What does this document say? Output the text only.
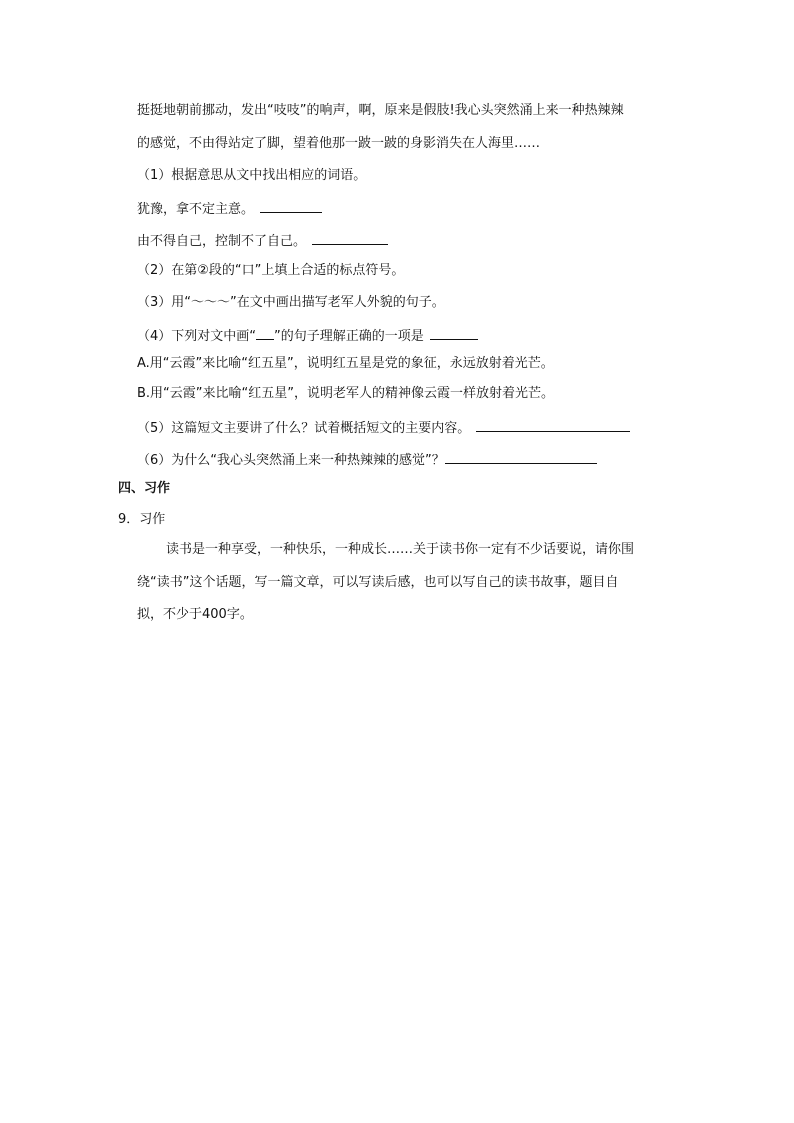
挺挺地朝前挪动，发出“吱吱”的响声，啊，原来是假肢!我心头突然涌上来一种热辣辣
的感觉，不由得站定了脚，望着他那一跛一跛的身影消失在人海里……
（1）根据意思从文中找出相应的词语。
犹豫，拿不定主意。
由不得自己，控制不了自己。
（2）在第②段的“口”上填上合适的标点符号。
（3）用“～～～”在文中画出描写老军人外貌的句子。
（4）下列对文中画“ ”的句子理解正确的一项是
A.用“云霞”来比喻“红五星”，说明红五星是党的象征，永远放射着光芒。
B.用“云霞”来比喻“红五星”，说明老军人的精神像云霞一样放射着光芒。
（5）这篇短文主要讲了什么？试着概括短文的主要内容。
（6）为什么“我心头突然涌上来一种热辣辣的感觉”？
四、习作
9．习作
读书是一种享受，一种快乐，一种成长……关于读书你一定有不少话要说，请你围
绕“读书”这个话题，写一篇文章，可以写读后感，也可以写自己的读书故事，题目自
拟，不少于400字。
